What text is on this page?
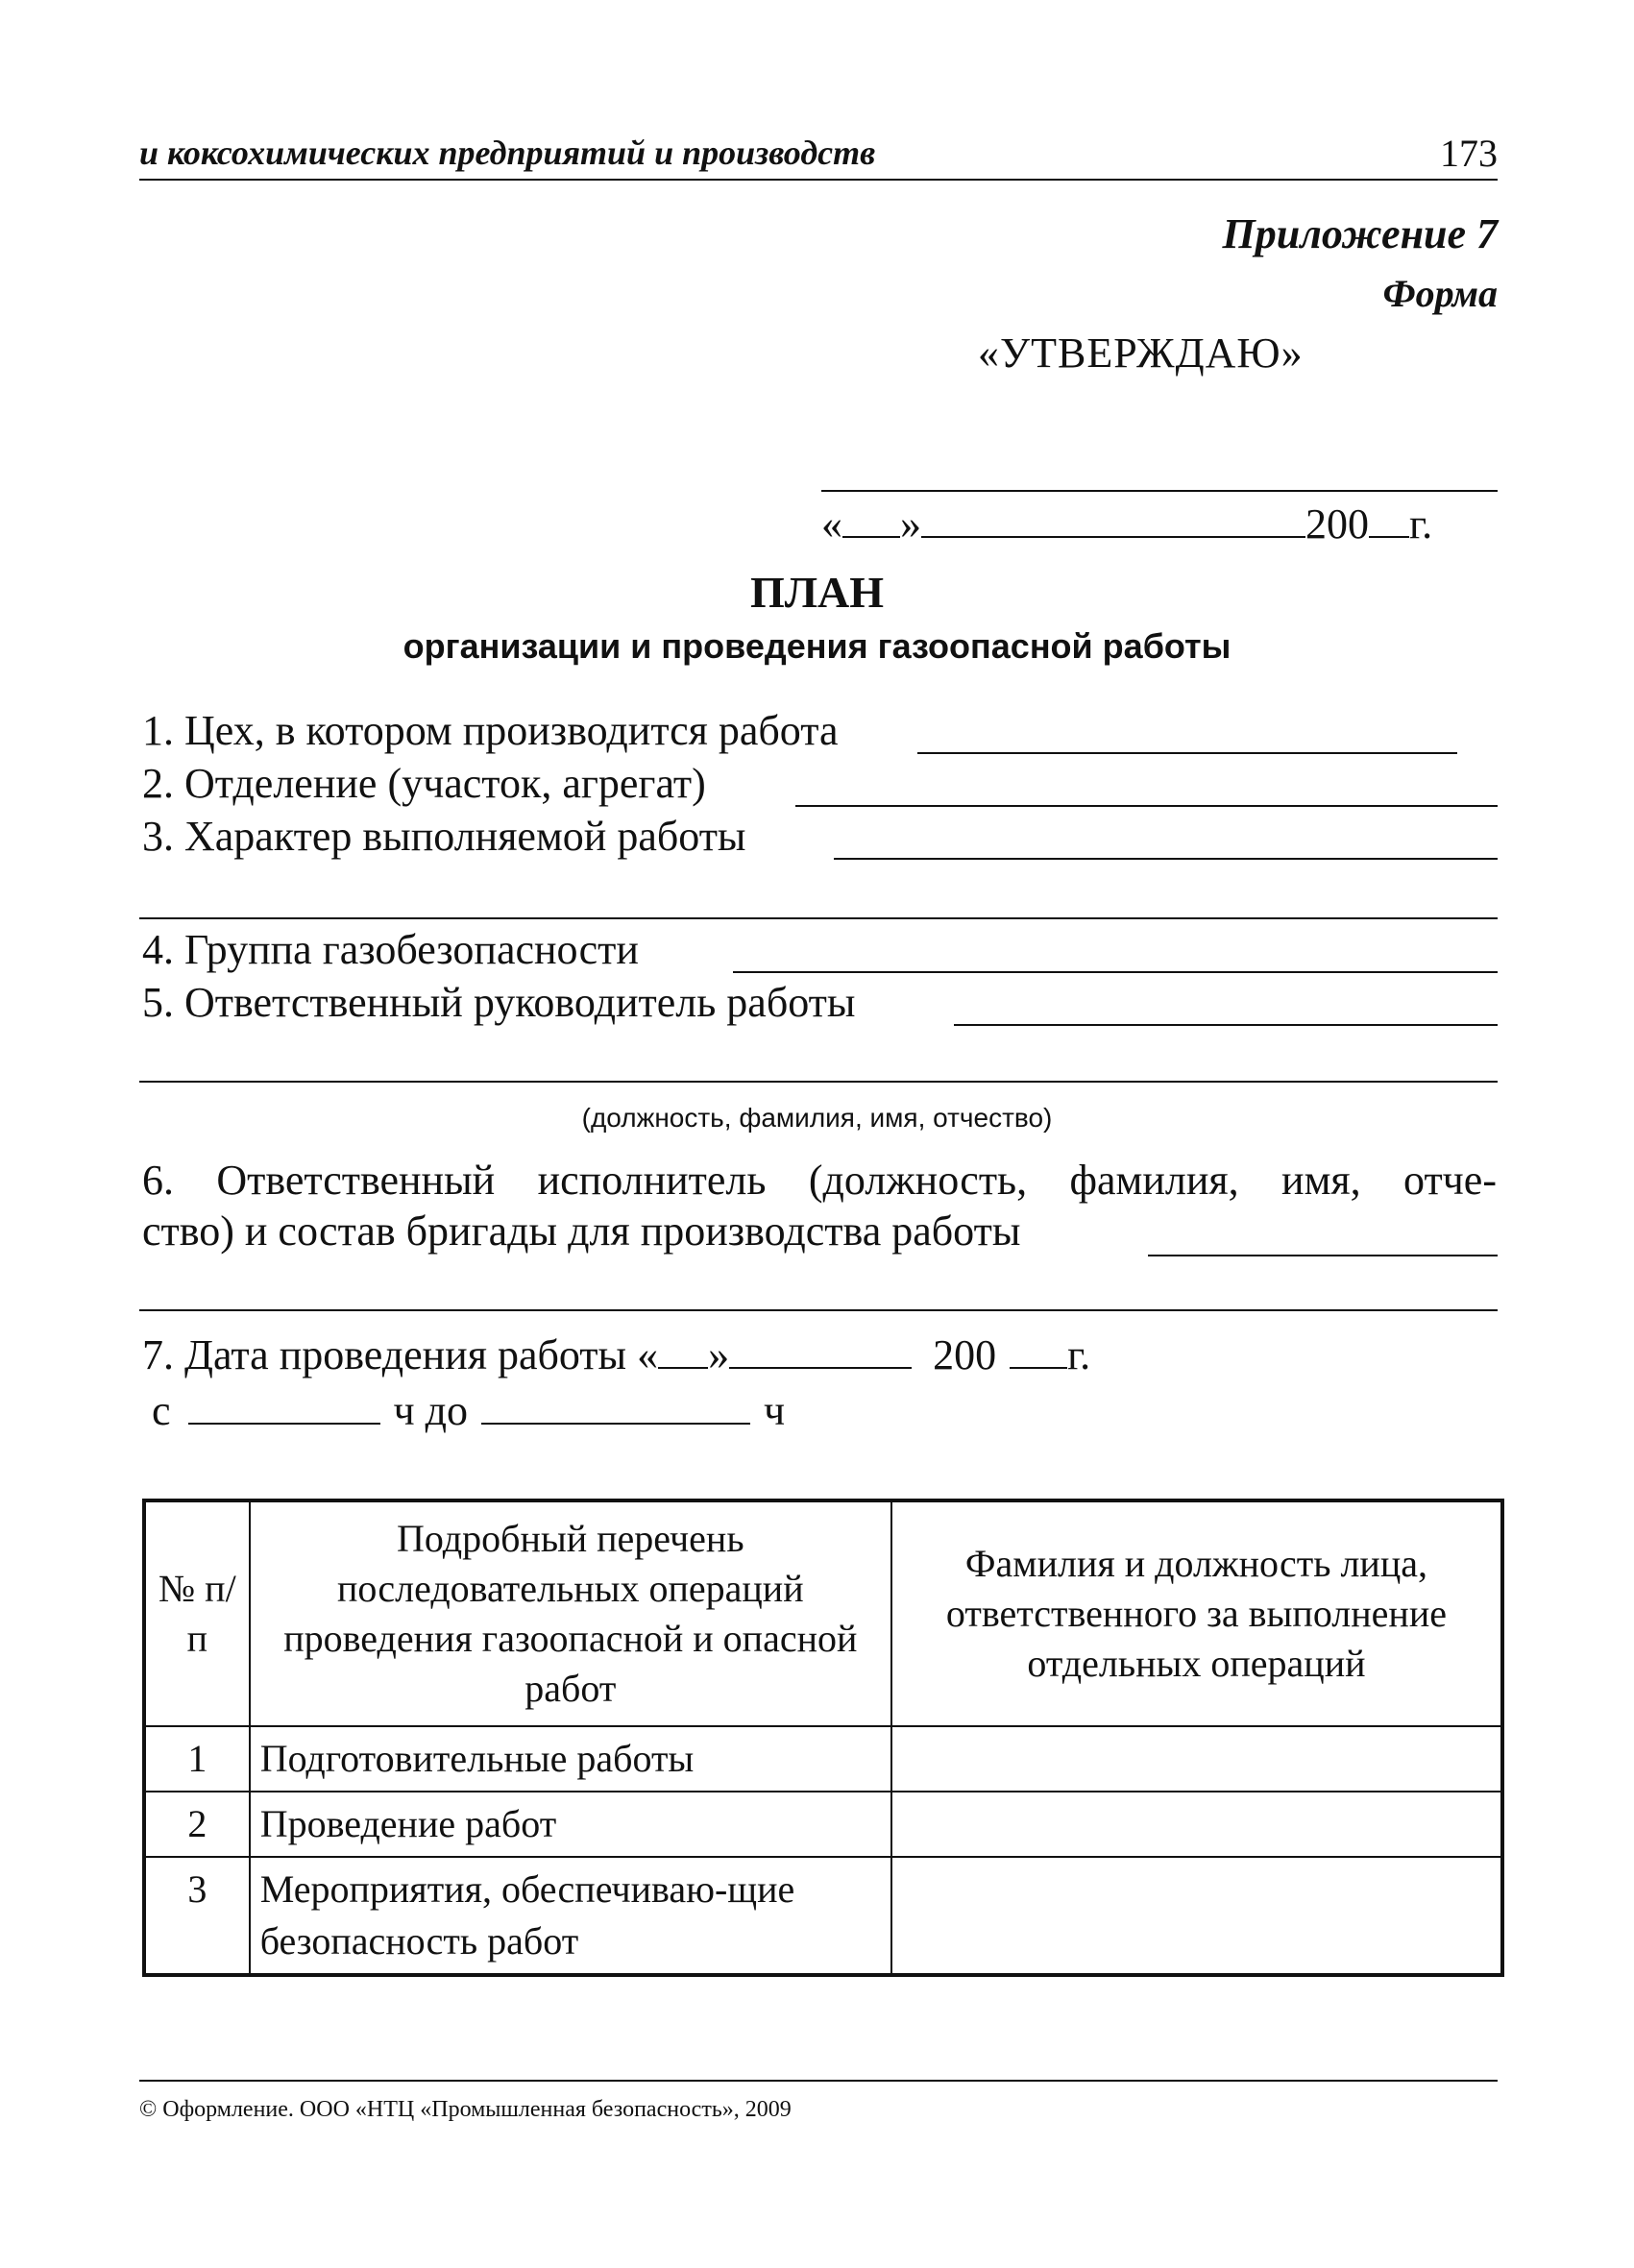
и коксохимических предприятий и производств	173
Приложение 7
Форма
«УТВЕРЖДАЮ»
« »	200 г.
ПЛАН
организации и проведения газоопасной работы
1. Цех, в котором производится работа
2. Отделение (участок, агрегат)
3. Характер выполняемой работы
4. Группа газобезопасности
5. Ответственный руководитель работы
(должность, фамилия, имя, отчество)
6. Ответственный исполнитель (должность, фамилия, имя, отче-
ство) и состав бригады для производства работы
7. Дата проведения работы « »	200 г.
с	ч до	ч
№ п/п	Подробный перечень последовательных операций проведения газоопасной и опасной работ	Фамилия и должность лица, ответственного за выполнение отдельных операций
1	Подготовительные работы	
2	Проведение работ	
3	Мероприятия, обеспечиваю-щие безопасность работ	
© Оформление. ООО «НТЦ «Промышленная безопасность», 2009
